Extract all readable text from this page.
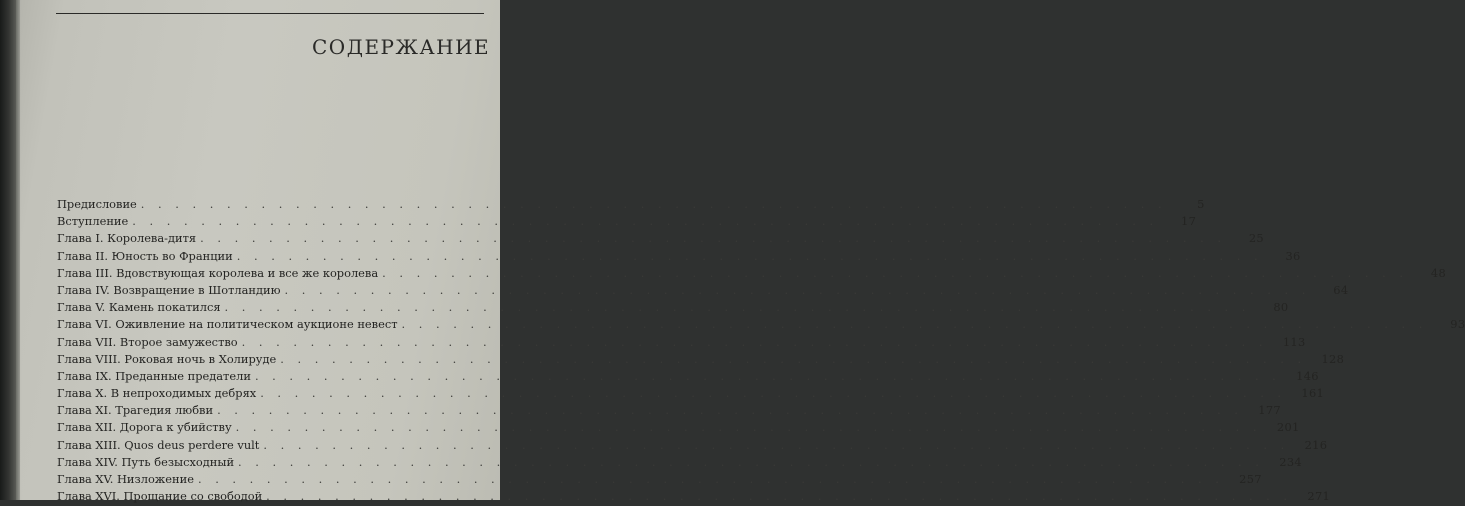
СОДЕРЖАНИЕ
Предисловие . . . . . . . . . . . . . . . . . . . . . . . . . . . . . . . . . . . . . . . . . . . . . . . . . . . . . . . . . . . .	5
Вступление . . . . . . . . . . . . . . . . . . . . . . . . . . . . . . . . . . . . . . . . . . . . . . . . . . . . . . . . . . . .	17
Глава I. Королева-дитя . . . . . . . . . . . . . . . . . . . . . . . . . . . . . . . . . . . . . . . . . . . . . . . . . . . . . . . . . . . .	25
Глава II. Юность во Франции . . . . . . . . . . . . . . . . . . . . . . . . . . . . . . . . . . . . . . . . . . . . . . . . . . . . . . . . . . . .	36
Глава III. Вдовствующая королева и все же королева . . . . . . . . . . . . . . . . . . . . . . . . . . . . . . . . . . . . . . . . . . . . . . . . . . . . . . . . . . . .	48
Глава IV. Возвращение в Шотландию . . . . . . . . . . . . . . . . . . . . . . . . . . . . . . . . . . . . . . . . . . . . . . . . . . . . . . . . . . . .	64
Глава V. Камень покатился . . . . . . . . . . . . . . . . . . . . . . . . . . . . . . . . . . . . . . . . . . . . . . . . . . . . . . . . . . . .	80
Глава VI. Оживление на политическом аукционе невест . . . . . . . . . . . . . . . . . . . . . . . . . . . . . . . . . . . . . . . . . . . . . . . . . . . . . . . . . . . .	93
Глава VII. Второе замужество . . . . . . . . . . . . . . . . . . . . . . . . . . . . . . . . . . . . . . . . . . . . . . . . . . . . . . . . . . . .	113
Глава VIII. Роковая ночь в Холируде . . . . . . . . . . . . . . . . . . . . . . . . . . . . . . . . . . . . . . . . . . . . . . . . . . . . . . . . . . . .	128
Глава IX. Преданные предатели . . . . . . . . . . . . . . . . . . . . . . . . . . . . . . . . . . . . . . . . . . . . . . . . . . . . . . . . . . . .	146
Глава X. В непроходимых дебрях . . . . . . . . . . . . . . . . . . . . . . . . . . . . . . . . . . . . . . . . . . . . . . . . . . . . . . . . . . . .	161
Глава XI. Трагедия любви . . . . . . . . . . . . . . . . . . . . . . . . . . . . . . . . . . . . . . . . . . . . . . . . . . . . . . . . . . . .	177
Глава XII. Дорога к убийству . . . . . . . . . . . . . . . . . . . . . . . . . . . . . . . . . . . . . . . . . . . . . . . . . . . . . . . . . . . .	201
Глава XIII. Quos deus perdere vult . . . . . . . . . . . . . . . . . . . . . . . . . . . . . . . . . . . . . . . . . . . . . . . . . . . . . . . . . . . .	216
Глава XIV. Путь безысходный . . . . . . . . . . . . . . . . . . . . . . . . . . . . . . . . . . . . . . . . . . . . . . . . . . . . . . . . . . . .	234
Глава XV. Низложение . . . . . . . . . . . . . . . . . . . . . . . . . . . . . . . . . . . . . . . . . . . . . . . . . . . . . . . . . . . .	257
Глава XVI. Прощание со свободой . . . . . . . . . . . . . . . . . . . . . . . . . . . . . . . . . . . . . . . . . . . . . . . . . . . . . . . . . . . .	271
